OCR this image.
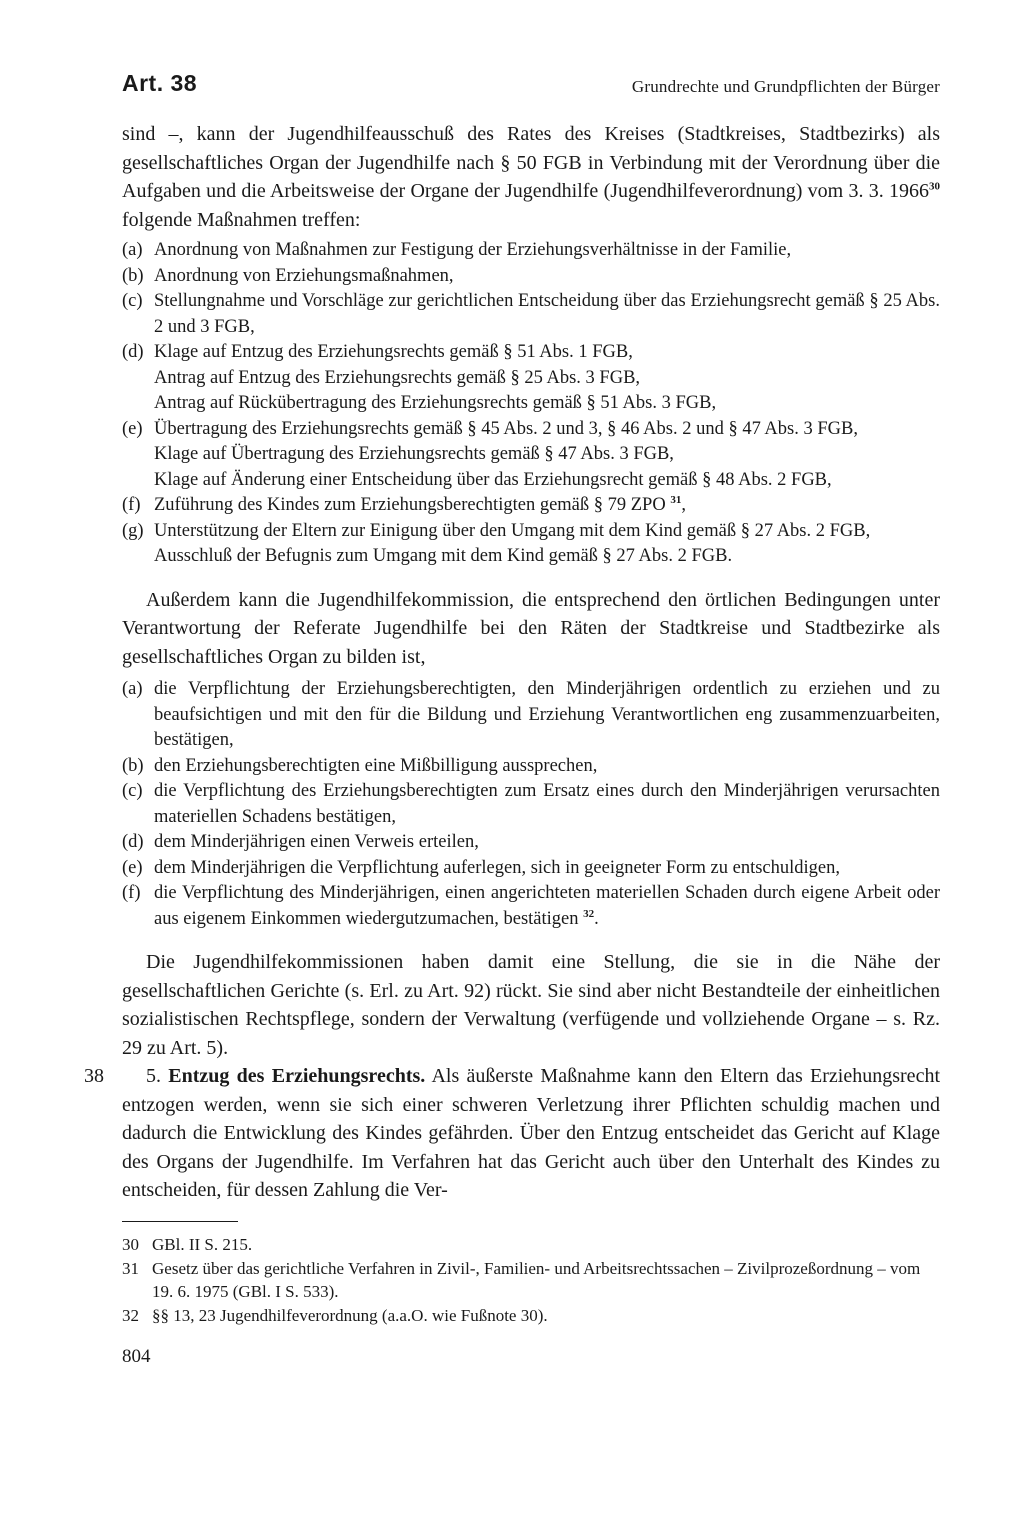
Art. 38	Grundrechte und Grundpflichten der Bürger

sind –, kann der Jugendhilfeausschuß des Rates des Kreises (Stadtkreises, Stadtbezirks) als gesellschaftliches Organ der Jugendhilfe nach § 50 FGB in Verbindung mit der Verordnung über die Aufgaben und die Arbeitsweise der Organe der Jugendhilfe (Jugendhilfeverordnung) vom 3. 3. 1966$^{30}$ folgende Maßnahmen treffen:

(a) Anordnung von Maßnahmen zur Festigung der Erziehungsverhältnisse in der Familie,
(b) Anordnung von Erziehungsmaßnahmen,
(c) Stellungnahme und Vorschläge zur gerichtlichen Entscheidung über das Erziehungsrecht gemäß § 25 Abs. 2 und 3 FGB,
(d) Klage auf Entzug des Erziehungsrechts gemäß § 51 Abs. 1 FGB,
Antrag auf Entzug des Erziehungsrechts gemäß § 25 Abs. 3 FGB,
Antrag auf Rückübertragung des Erziehungsrechts gemäß § 51 Abs. 3 FGB,
(e) Übertragung des Erziehungsrechts gemäß § 45 Abs. 2 und 3, § 46 Abs. 2 und § 47 Abs. 3 FGB,
Klage auf Übertragung des Erziehungsrechts gemäß § 47 Abs. 3 FGB,
Klage auf Änderung einer Entscheidung über das Erziehungsrecht gemäß § 48 Abs. 2 FGB,
(f) Zuführung des Kindes zum Erziehungsberechtigten gemäß § 79 ZPO $^{31}$,
(g) Unterstützung der Eltern zur Einigung über den Umgang mit dem Kind gemäß § 27 Abs. 2 FGB,
Ausschluß der Befugnis zum Umgang mit dem Kind gemäß § 27 Abs. 2 FGB.

Außerdem kann die Jugendhilfekommission, die entsprechend den örtlichen Bedingungen unter Verantwortung der Referate Jugendhilfe bei den Räten der Stadtkreise und Stadtbezirke als gesellschaftliches Organ zu bilden ist,

(a) die Verpflichtung der Erziehungsberechtigten, den Minderjährigen ordentlich zu erziehen und zu beaufsichtigen und mit den für die Bildung und Erziehung Verantwortlichen eng zusammenzuarbeiten, bestätigen,
(b) den Erziehungsberechtigten eine Mißbilligung aussprechen,
(c) die Verpflichtung des Erziehungsberechtigten zum Ersatz eines durch den Minderjährigen verursachten materiellen Schadens bestätigen,
(d) dem Minderjährigen einen Verweis erteilen,
(e) dem Minderjährigen die Verpflichtung auferlegen, sich in geeigneter Form zu entschuldigen,
(f) die Verpflichtung des Minderjährigen, einen angerichteten materiellen Schaden durch eigene Arbeit oder aus eigenem Einkommen wiedergutzumachen, bestätigen $^{32}$.

Die Jugendhilfekommissionen haben damit eine Stellung, die sie in die Nähe der gesellschaftlichen Gerichte (s. Erl. zu Art. 92) rückt. Sie sind aber nicht Bestandteile der einheitlichen sozialistischen Rechtspflege, sondern der Verwaltung (verfügende und vollziehende Organe – s. Rz. 29 zu Art. 5).

38 5. Entzug des Erziehungsrechts. Als äußerste Maßnahme kann den Eltern das Erziehungsrecht entzogen werden, wenn sie sich einer schweren Verletzung ihrer Pflichten schuldig machen und dadurch die Entwicklung des Kindes gefährden. Über den Entzug entscheidet das Gericht auf Klage des Organs der Jugendhilfe. Im Verfahren hat das Gericht auch über den Unterhalt des Kindes zu entscheiden, für dessen Zahlung die Ver-

30 GBl. II S. 215.
31 Gesetz über das gerichtliche Verfahren in Zivil-, Familien- und Arbeitsrechtssachen – Zivilprozeßordnung – vom 19. 6. 1975 (GBl. I S. 533).
32 §§ 13, 23 Jugendhilfeverordnung (a.a.O. wie Fußnote 30).
804
